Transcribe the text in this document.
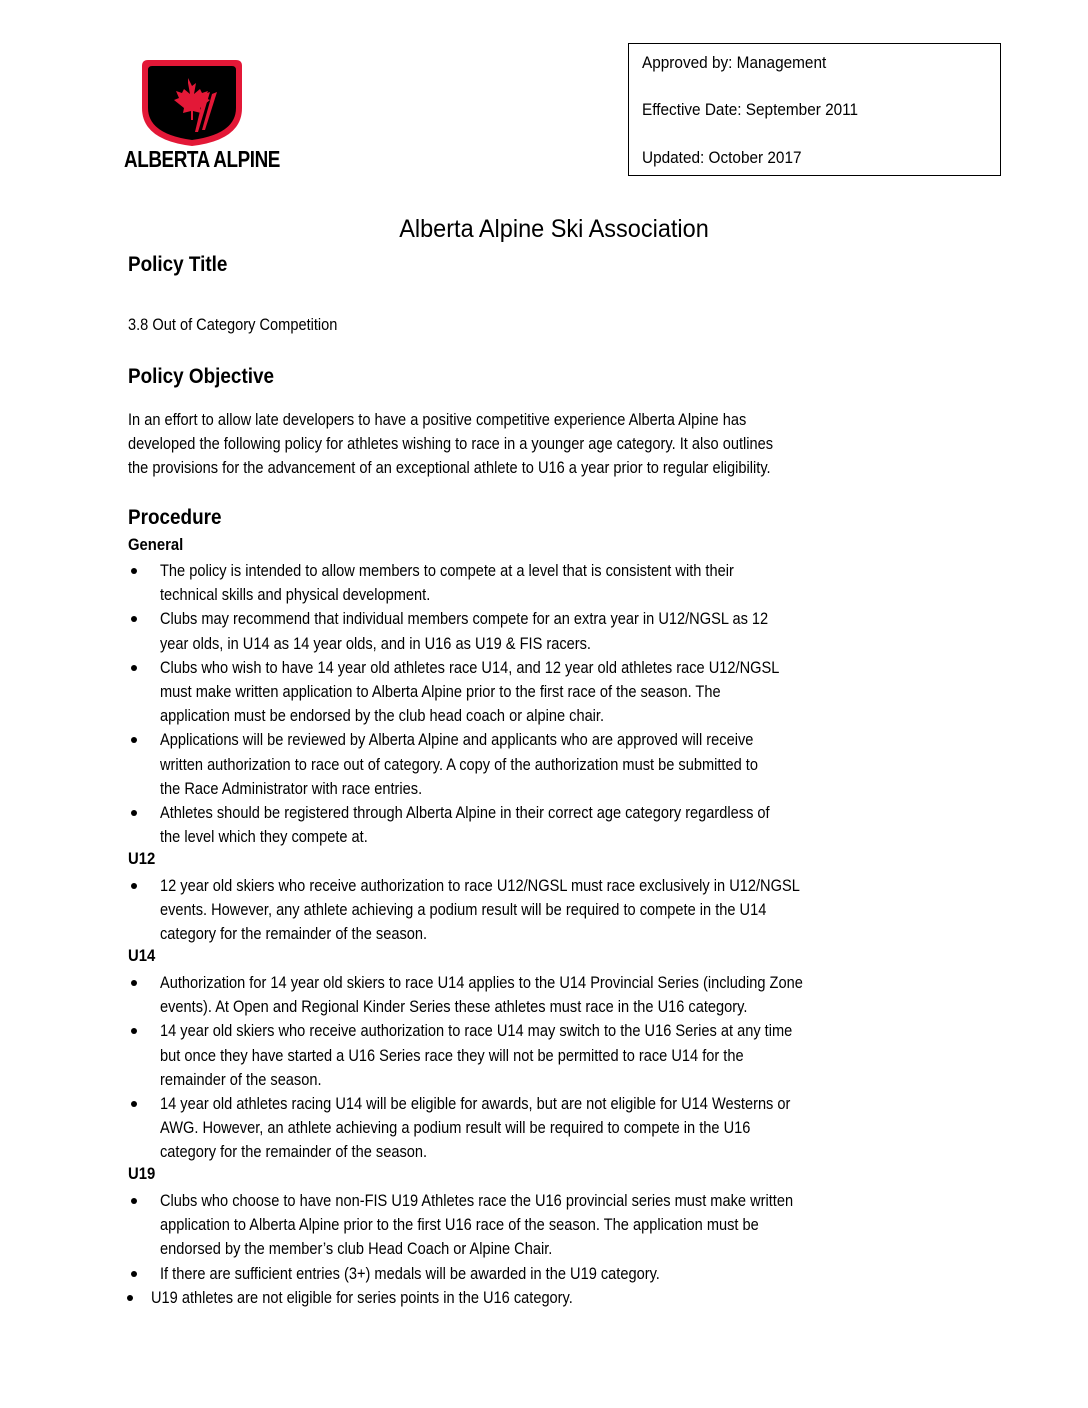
ALBERTA ALPINE
Approved by: Management
Effective Date: September 2011
Updated: October 2017
Alberta Alpine Ski Association
Policy Title
3.8 Out of Category Competition
Policy Objective
In an effort to allow late developers to have a positive competitive experience Alberta Alpine has
developed the following policy for athletes wishing to race in a younger age category. It also outlines
the provisions for the advancement of an exceptional athlete to U16 a year prior to regular eligibility.
Procedure
General
The policy is intended to allow members to compete at a level that is consistent with their
technical skills and physical development.
Clubs may recommend that individual members compete for an extra year in U12/NGSL as 12
year olds, in U14 as 14 year olds, and in U16 as U19 & FIS racers.
Clubs who wish to have 14 year old athletes race U14, and 12 year old athletes race U12/NGSL
must make written application to Alberta Alpine prior to the first race of the season. The
application must be endorsed by the club head coach or alpine chair.
Applications will be reviewed by Alberta Alpine and applicants who are approved will receive
written authorization to race out of category. A copy of the authorization must be submitted to
the Race Administrator with race entries.
Athletes should be registered through Alberta Alpine in their correct age category regardless of
the level which they compete at.
U12
12 year old skiers who receive authorization to race U12/NGSL must race exclusively in U12/NGSL
events. However, any athlete achieving a podium result will be required to compete in the U14
category for the remainder of the season.
U14
Authorization for 14 year old skiers to race U14 applies to the U14 Provincial Series (including Zone
events). At Open and Regional Kinder Series these athletes must race in the U16 category.
14 year old skiers who receive authorization to race U14 may switch to the U16 Series at any time
but once they have started a U16 Series race they will not be permitted to race U14 for the
remainder of the season.
14 year old athletes racing U14 will be eligible for awards, but are not eligible for U14 Westerns or
AWG. However, an athlete achieving a podium result will be required to compete in the U16
category for the remainder of the season.
U19
Clubs who choose to have non-FIS U19 Athletes race the U16 provincial series must make written
application to Alberta Alpine prior to the first U16 race of the season. The application must be
endorsed by the member’s club Head Coach or Alpine Chair.
If there are sufficient entries (3+) medals will be awarded in the U19 category.
U19 athletes are not eligible for series points in the U16 category.
